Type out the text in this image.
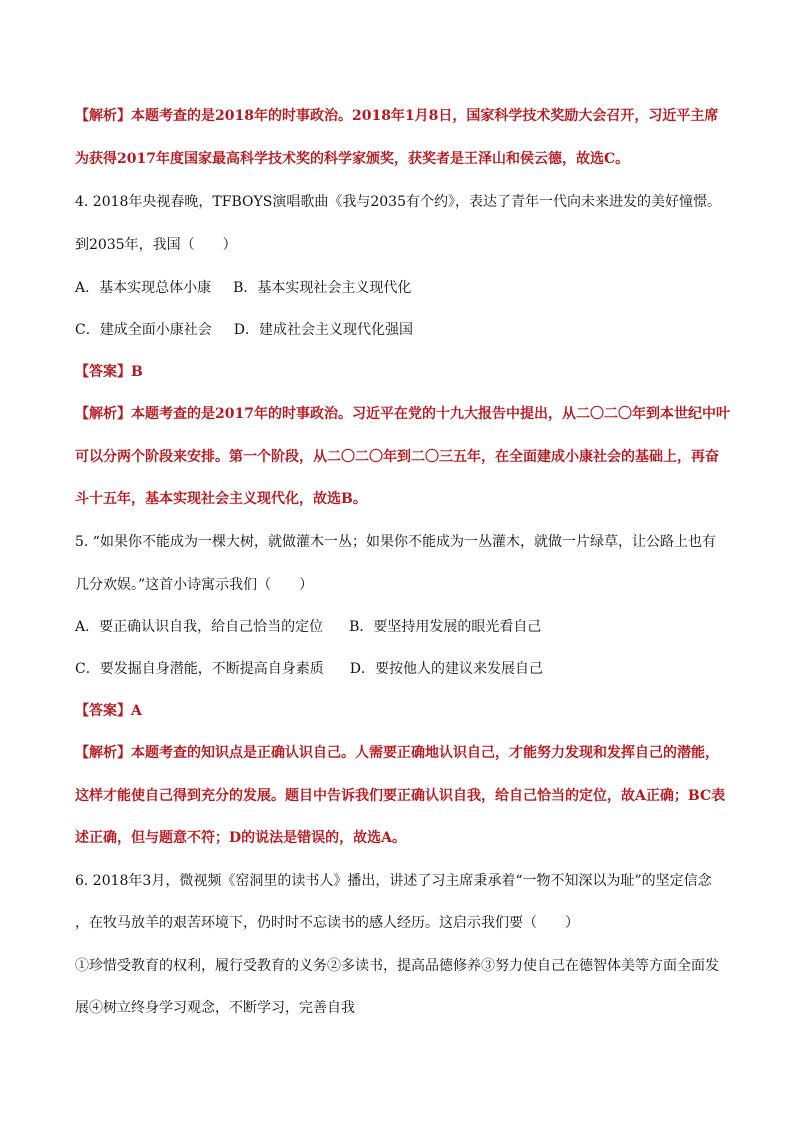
【解析】本题考查的是2018年的时事政治。2018年1月8日，国家科学技术奖励大会召开，习近平主席
为获得2017年度国家最高科学技术奖的科学家颁奖，获奖者是王泽山和侯云德，故选C。
4. 2018年央视春晚，TFBOYS演唱歌曲《我与2035有个约》，表达了青年一代向未来进发的美好憧憬。
到2035年，我国（　　）
A．基本实现总体小康 B．基本实现社会主义现代化
C．建成全面小康社会 D．建成社会主义现代化强国
【答案】B
【解析】本题考查的是2017年的时事政治。习近平在党的十九大报告中提出，从二〇二〇年到本世纪中叶
可以分两个阶段来安排。第一个阶段，从二〇二〇年到二〇三五年，在全面建成小康社会的基础上，再奋
斗十五年，基本实现社会主义现代化，故选B。
5. “如果你不能成为一棵大树，就做灌木一丛；如果你不能成为一丛灌木，就做一片绿草，让公路上也有
几分欢娱。”这首小诗寓示我们（　　）
A．要正确认识自我，给自己恰当的定位 B．要坚持用发展的眼光看自己
C．要发掘自身潜能，不断提高自身素质 D．要按他人的建议来发展自己
【答案】A
【解析】本题考查的知识点是正确认识自己。人需要正确地认识自己，才能努力发现和发挥自己的潜能，
这样才能使自己得到充分的发展。题目中告诉我们要正确认识自我，给自己恰当的定位，故A正确；BC表
述正确，但与题意不符；D的说法是错误的，故选A。
6. 2018年3月，微视频《窑洞里的读书人》播出，讲述了习主席秉承着“一物不知深以为耻”的坚定信念
，在牧马放羊的艰苦环境下，仍时时不忘读书的感人经历。这启示我们要（　　）
①珍惜受教育的权利，履行受教育的义务②多读书，提高品德修养③努力使自己在德智体美等方面全面发
展④树立终身学习观念，不断学习，完善自我
